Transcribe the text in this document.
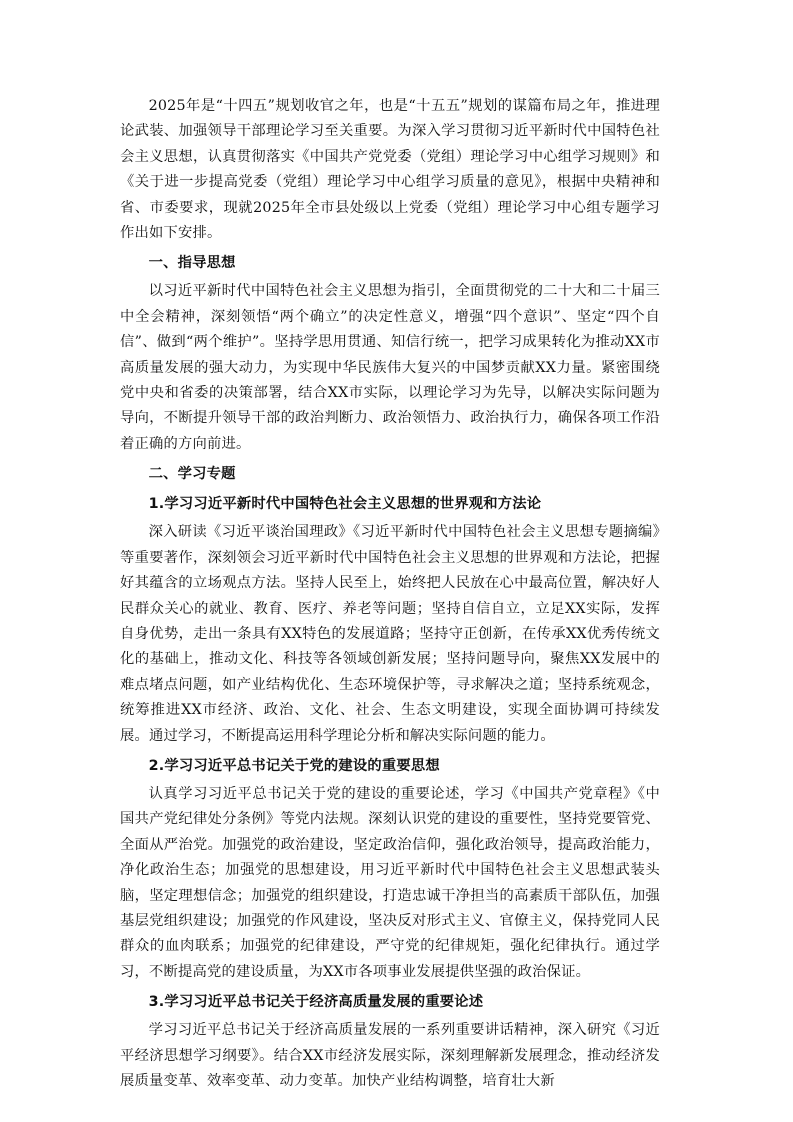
2025年是“十四五”规划收官之年，也是“十五五”规划的谋篇布局之年，推进理论武装、加强领导干部理论学习至关重要。为深入学习贯彻习近平新时代中国特色社会主义思想，认真贯彻落实《中国共产党党委（党组）理论学习中心组学习规则》和《关于进一步提高党委（党组）理论学习中心组学习质量的意见》，根据中央精神和省、市委要求，现就2025年全市县处级以上党委（党组）理论学习中心组专题学习作出如下安排。

一、指导思想

以习近平新时代中国特色社会主义思想为指引，全面贯彻党的二十大和二十届三中全会精神，深刻领悟“两个确立”的决定性意义，增强“四个意识”、坚定“四个自信”、做到“两个维护”。坚持学思用贯通、知信行统一，把学习成果转化为推动XX市高质量发展的强大动力，为实现中华民族伟大复兴的中国梦贡献XX力量。紧密围绕党中央和省委的决策部署，结合XX市实际，以理论学习为先导，以解决实际问题为导向，不断提升领导干部的政治判断力、政治领悟力、政治执行力，确保各项工作沿着正确的方向前进。

二、学习专题
1.学习习近平新时代中国特色社会主义思想的世界观和方法论

深入研读《习近平谈治国理政》《习近平新时代中国特色社会主义思想专题摘编》等重要著作，深刻领会习近平新时代中国特色社会主义思想的世界观和方法论，把握好其蕴含的立场观点方法。坚持人民至上，始终把人民放在心中最高位置，解决好人民群众关心的就业、教育、医疗、养老等问题；坚持自信自立，立足XX实际，发挥自身优势，走出一条具有XX特色的发展道路；坚持守正创新，在传承XX优秀传统文化的基础上，推动文化、科技等各领域创新发展；坚持问题导向，聚焦XX发展中的难点堵点问题，如产业结构优化、生态环境保护等，寻求解决之道；坚持系统观念，统筹推进XX市经济、政治、文化、社会、生态文明建设，实现全面协调可持续发展。通过学习，不断提高运用科学理论分析和解决实际问题的能力。

2.学习习近平总书记关于党的建设的重要思想

认真学习习近平总书记关于党的建设的重要论述，学习《中国共产党章程》《中国共产党纪律处分条例》等党内法规。深刻认识党的建设的重要性，坚持党要管党、全面从严治党。加强党的政治建设，坚定政治信仰，强化政治领导，提高政治能力，净化政治生态；加强党的思想建设，用习近平新时代中国特色社会主义思想武装头脑，坚定理想信念；加强党的组织建设，打造忠诚干净担当的高素质干部队伍，加强基层党组织建设；加强党的作风建设，坚决反对形式主义、官僚主义，保持党同人民群众的血肉联系；加强党的纪律建设，严守党的纪律规矩，强化纪律执行。通过学习，不断提高党的建设质量，为XX市各项事业发展提供坚强的政治保证。

3.学习习近平总书记关于经济高质量发展的重要论述

学习习近平总书记关于经济高质量发展的一系列重要讲话精神，深入研究《习近平经济思想学习纲要》。结合XX市经济发展实际，深刻理解新发展理念，推动经济发展质量变革、效率变革、动力变革。加快产业结构调整，培育壮大新
